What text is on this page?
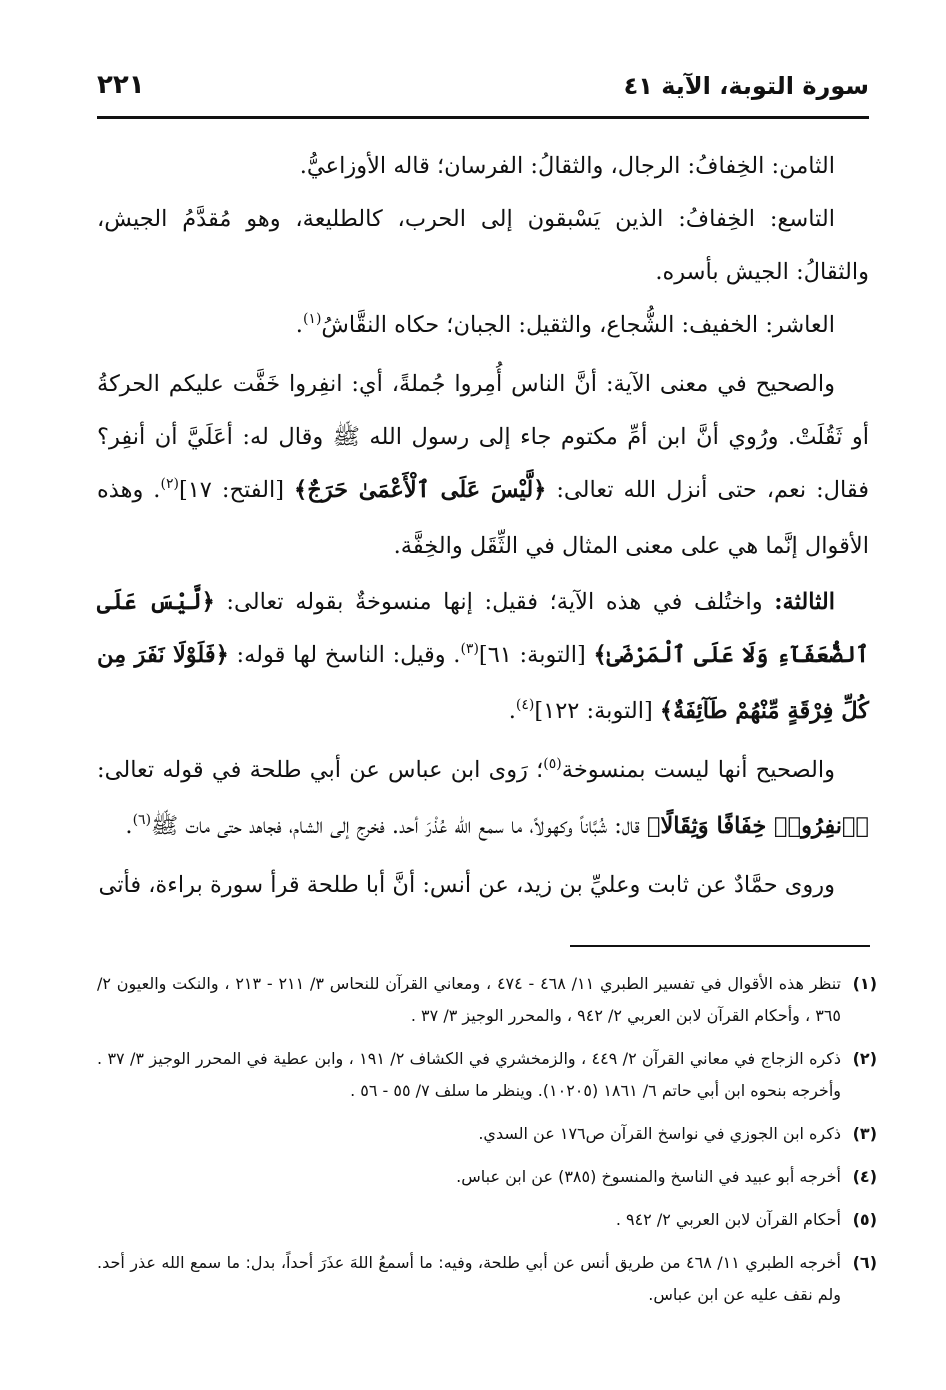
سورة التوبة، الآية ٤١
٢٢١

الثامن: الخِفافُ: الرجال، والثقالُ: الفرسان؛ قاله الأوزاعيُّ.

التاسع: الخِفافُ: الذين يَسْبقون إلى الحرب، كالطليعة، وهو مُقدَّمُ الجيش، والثقالُ: الجيش بأسره.

العاشر: الخفيف: الشُّجاع، والثقيل: الجبان؛ حكاه النقَّاشُ$^{(١)}$.

والصحيح في معنى الآية: أنَّ الناس أُمِروا جُملةً، أي: انفِروا خَفَّت عليكم الحركةُ أو ثَقُلَتْ. ورُوي أنَّ ابن أمِّ مكتوم جاء إلى رسول الله ﷺ وقال له: أعَلَيَّ أن أنفِر؟ فقال: نعم، حتى أنزل الله تعالى: ﴿لَّيْسَ عَلَى ٱلْأَعْمَىٰ حَرَجٌ﴾ [الفتح: ١٧]$^{(٢)}$. وهذه الأقوال إنَّما هي على معنى المثال في الثِّقَل والخِفَّة.

الثالثة: واختُلف في هذه الآية؛ فقيل: إنها منسوخةٌ بقوله تعالى: ﴿لَّيْسَ عَلَى ٱلضُّعَفَآءِ وَلَا عَلَى ٱلْمَرْضَىٰ﴾ [التوبة: ٦١]$^{(٣)}$. وقيل: الناسخ لها قوله: ﴿فَلَوْلَا نَفَرَ مِن كُلِّ فِرْقَةٍ مِّنْهُمْ طَآئِفَةٌ﴾ [التوبة: ١٢٢]$^{(٤)}$.

والصحيح أنها ليست بمنسوخة$^{(٥)}$؛ رَوى ابن عباس عن أبي طلحة في قوله تعالى: ﴿ٱنفِرُوا۟ خِفَافًا وَثِقَالًا﴾ قال: شُبَّاناً وكهولاً، ما سمع الله عُذْرَ أحد. فخرج إلى الشام، فجاهد حتى مات ﷺ$^{(٦)}$.

وروى حمَّادٌ عن ثابت وعليِّ بن زيد، عن أنس: أنَّ أبا طلحة قرأ سورة براءة، فأتى

(١)
تنظر هذه الأقوال في تفسير الطبري ١١/ ٤٦٨ - ٤٧٤ ، ومعاني القرآن للنحاس ٣/ ٢١١ - ٢١٣ ، والنكت والعيون ٢/ ٣٦٥ ، وأحكام القرآن لابن العربي ٢/ ٩٤٢ ، والمحرر الوجيز ٣/ ٣٧ .
(٢)
ذكره الزجاج في معاني القرآن ٢/ ٤٤٩ ، والزمخشري في الكشاف ٢/ ١٩١ ، وابن عطية في المحرر الوجيز ٣/ ٣٧ . وأخرجه بنحوه ابن أبي حاتم ٦/ ١٨٦١ (١٠٢٠٥). وينظر ما سلف ٧/ ٥٥ - ٥٦ .
(٣)
ذكره ابن الجوزي في نواسخ القرآن ص١٧٦ عن السدي.
(٤)
أخرجه أبو عبيد في الناسخ والمنسوخ (٣٨٥) عن ابن عباس.
(٥)
أحكام القرآن لابن العربي ٢/ ٩٤٢ .
(٦)
أخرجه الطبري ١١/ ٤٦٨ من طريق أنس عن أبي طلحة، وفيه: ما أسمعُ اللهَ عذَرَ أحداً، بدل: ما سمع الله عذر أحد. ولم نقف عليه عن ابن عباس.
